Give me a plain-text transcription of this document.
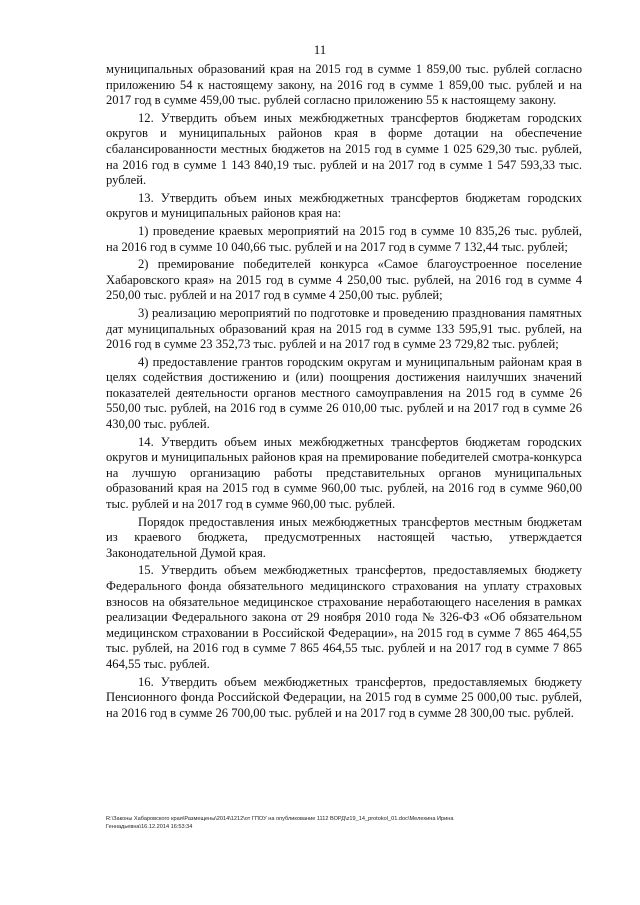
11

муниципальных образований края на 2015 год в сумме 1 859,00 тыс. рублей согласно приложению 54 к настоящему закону, на 2016 год в сумме 1 859,00 тыс. рублей и на 2017 год в сумме 459,00 тыс. рублей согласно приложению 55 к настоящему закону.

12. Утвердить объем иных межбюджетных трансфертов бюджетам городских округов и муниципальных районов края в форме дотации на обеспечение сбалансированности местных бюджетов на 2015 год в сумме 1 025 629,30 тыс. рублей, на 2016 год в сумме 1 143 840,19 тыс. рублей и на 2017 год в сумме 1 547 593,33 тыс. рублей.

13. Утвердить объем иных межбюджетных трансфертов бюджетам городских округов и муниципальных районов края на:

1) проведение краевых мероприятий на 2015 год в сумме 10 835,26 тыс. рублей, на 2016 год в сумме 10 040,66 тыс. рублей и на 2017 год в сумме 7 132,44 тыс. рублей;

2) премирование победителей конкурса «Самое благоустроенное поселение Хабаровского края» на 2015 год в сумме 4 250,00 тыс. рублей, на 2016 год в сумме 4 250,00 тыс. рублей и на 2017 год в сумме 4 250,00 тыс. рублей;

3) реализацию мероприятий по подготовке и проведению празднования памятных дат муниципальных образований края на 2015 год в сумме 133 595,91 тыс. рублей, на 2016 год в сумме 23 352,73 тыс. рублей и на 2017 год в сумме 23 729,82 тыс. рублей;

4) предоставление грантов городским округам и муниципальным районам края в целях содействия достижению и (или) поощрения достижения наилучших значений показателей деятельности органов местного самоуправления на 2015 год в сумме 26 550,00 тыс. рублей, на 2016 год в сумме 26 010,00 тыс. рублей и на 2017 год в сумме 26 430,00 тыс. рублей.

14. Утвердить объем иных межбюджетных трансфертов бюджетам городских округов и муниципальных районов края на премирование победителей смотра-конкурса на лучшую организацию работы представительных органов муниципальных образований края на 2015 год в сумме 960,00 тыс. рублей, на 2016 год в сумме 960,00 тыс. рублей и на 2017 год в сумме 960,00 тыс. рублей.

Порядок предоставления иных межбюджетных трансфертов местным бюджетам из краевого бюджета, предусмотренных настоящей частью, утверждается Законодательной Думой края.

15. Утвердить объем межбюджетных трансфертов, предоставляемых бюджету Федерального фонда обязательного медицинского страхования на уплату страховых взносов на обязательное медицинское страхование неработающего населения в рамках реализации Федерального закона от 29 ноября 2010 года № 326-ФЗ «Об обязательном медицинском страховании в Российской Федерации», на 2015 год в сумме 7 865 464,55 тыс. рублей, на 2016 год в сумме 7 865 464,55 тыс. рублей и на 2017 год в сумме 7 865 464,55 тыс. рублей.

16. Утвердить объем межбюджетных трансфертов, предоставляемых бюджету Пенсионного фонда Российской Федерации, на 2015 год в сумме 25 000,00 тыс. рублей, на 2016 год в сумме 26 700,00 тыс. рублей и на 2017 год в сумме 28 300,00 тыс. рублей.

R:\Законы Хабаровского края\Размещены\2014\1212\от ГПОУ на опубликование 1112 ВОРД\z19_14_protokol_01.doc\Мелехина Ирина
Геннадьевна\16.12.2014 16:53:34
